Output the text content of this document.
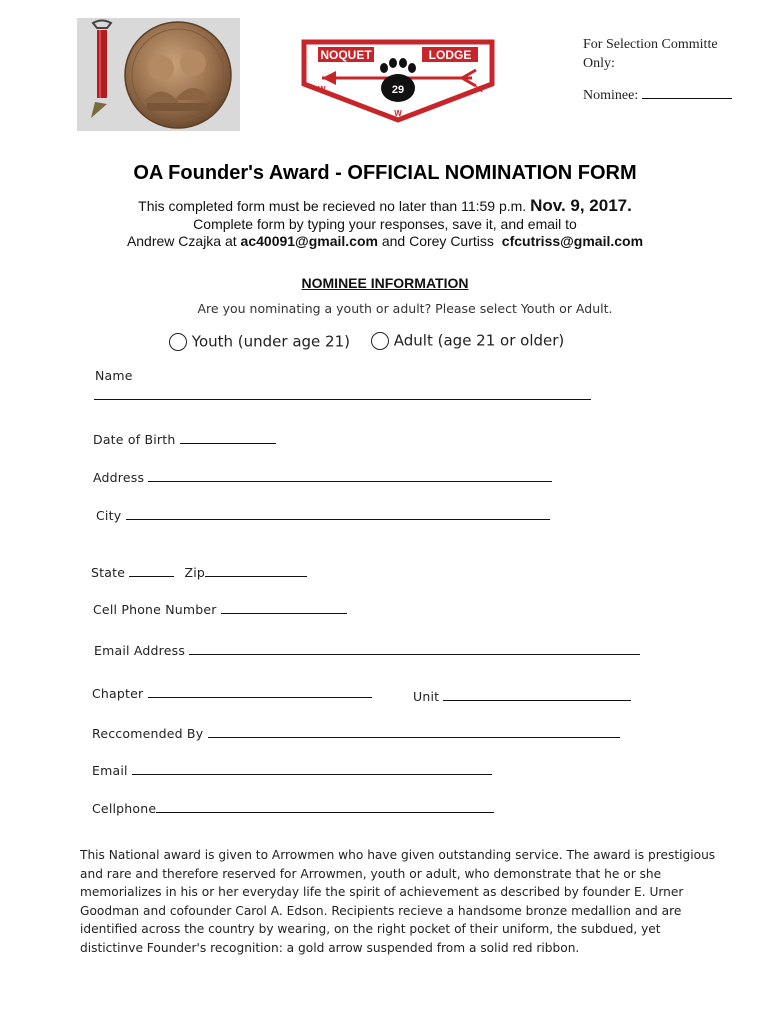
NOQUET	LODGE
29
W	W
W
For Selection Committe
Only:
Nominee:
OA Founder's Award - OFFICIAL NOMINATION FORM
This completed form must be recieved no later than 11:59 p.m. Nov. 9, 2017.
Complete form by typing your responses, save it, and email to
Andrew Czajka at ac40091@gmail.com and Corey Curtiss cfcutriss@gmail.com
NOMINEE INFORMATION
Are you nominating a youth or adult? Please select Youth or Adult.
Youth (under age 21)	Adult (age 21 or older)
Name
Date of Birth
Address
City
State	Zip
Cell Phone Number
Email Address
Chapter	Unit
Reccomended By
Email
Cellphone
This National award is given to Arrowmen who have given outstanding service. The award is prestigious and rare and therefore reserved for Arrowmen, youth or adult, who demonstrate that he or she memorializes in his or her everyday life the spirit of achievement as described by founder E. Urner Goodman and cofounder Carol A. Edson. Recipients recieve a handsome bronze medallion and are identified across the country by wearing, on the right pocket of their uniform, the subdued, yet distictinve Founder's recognition: a gold arrow suspended from a solid red ribbon.
